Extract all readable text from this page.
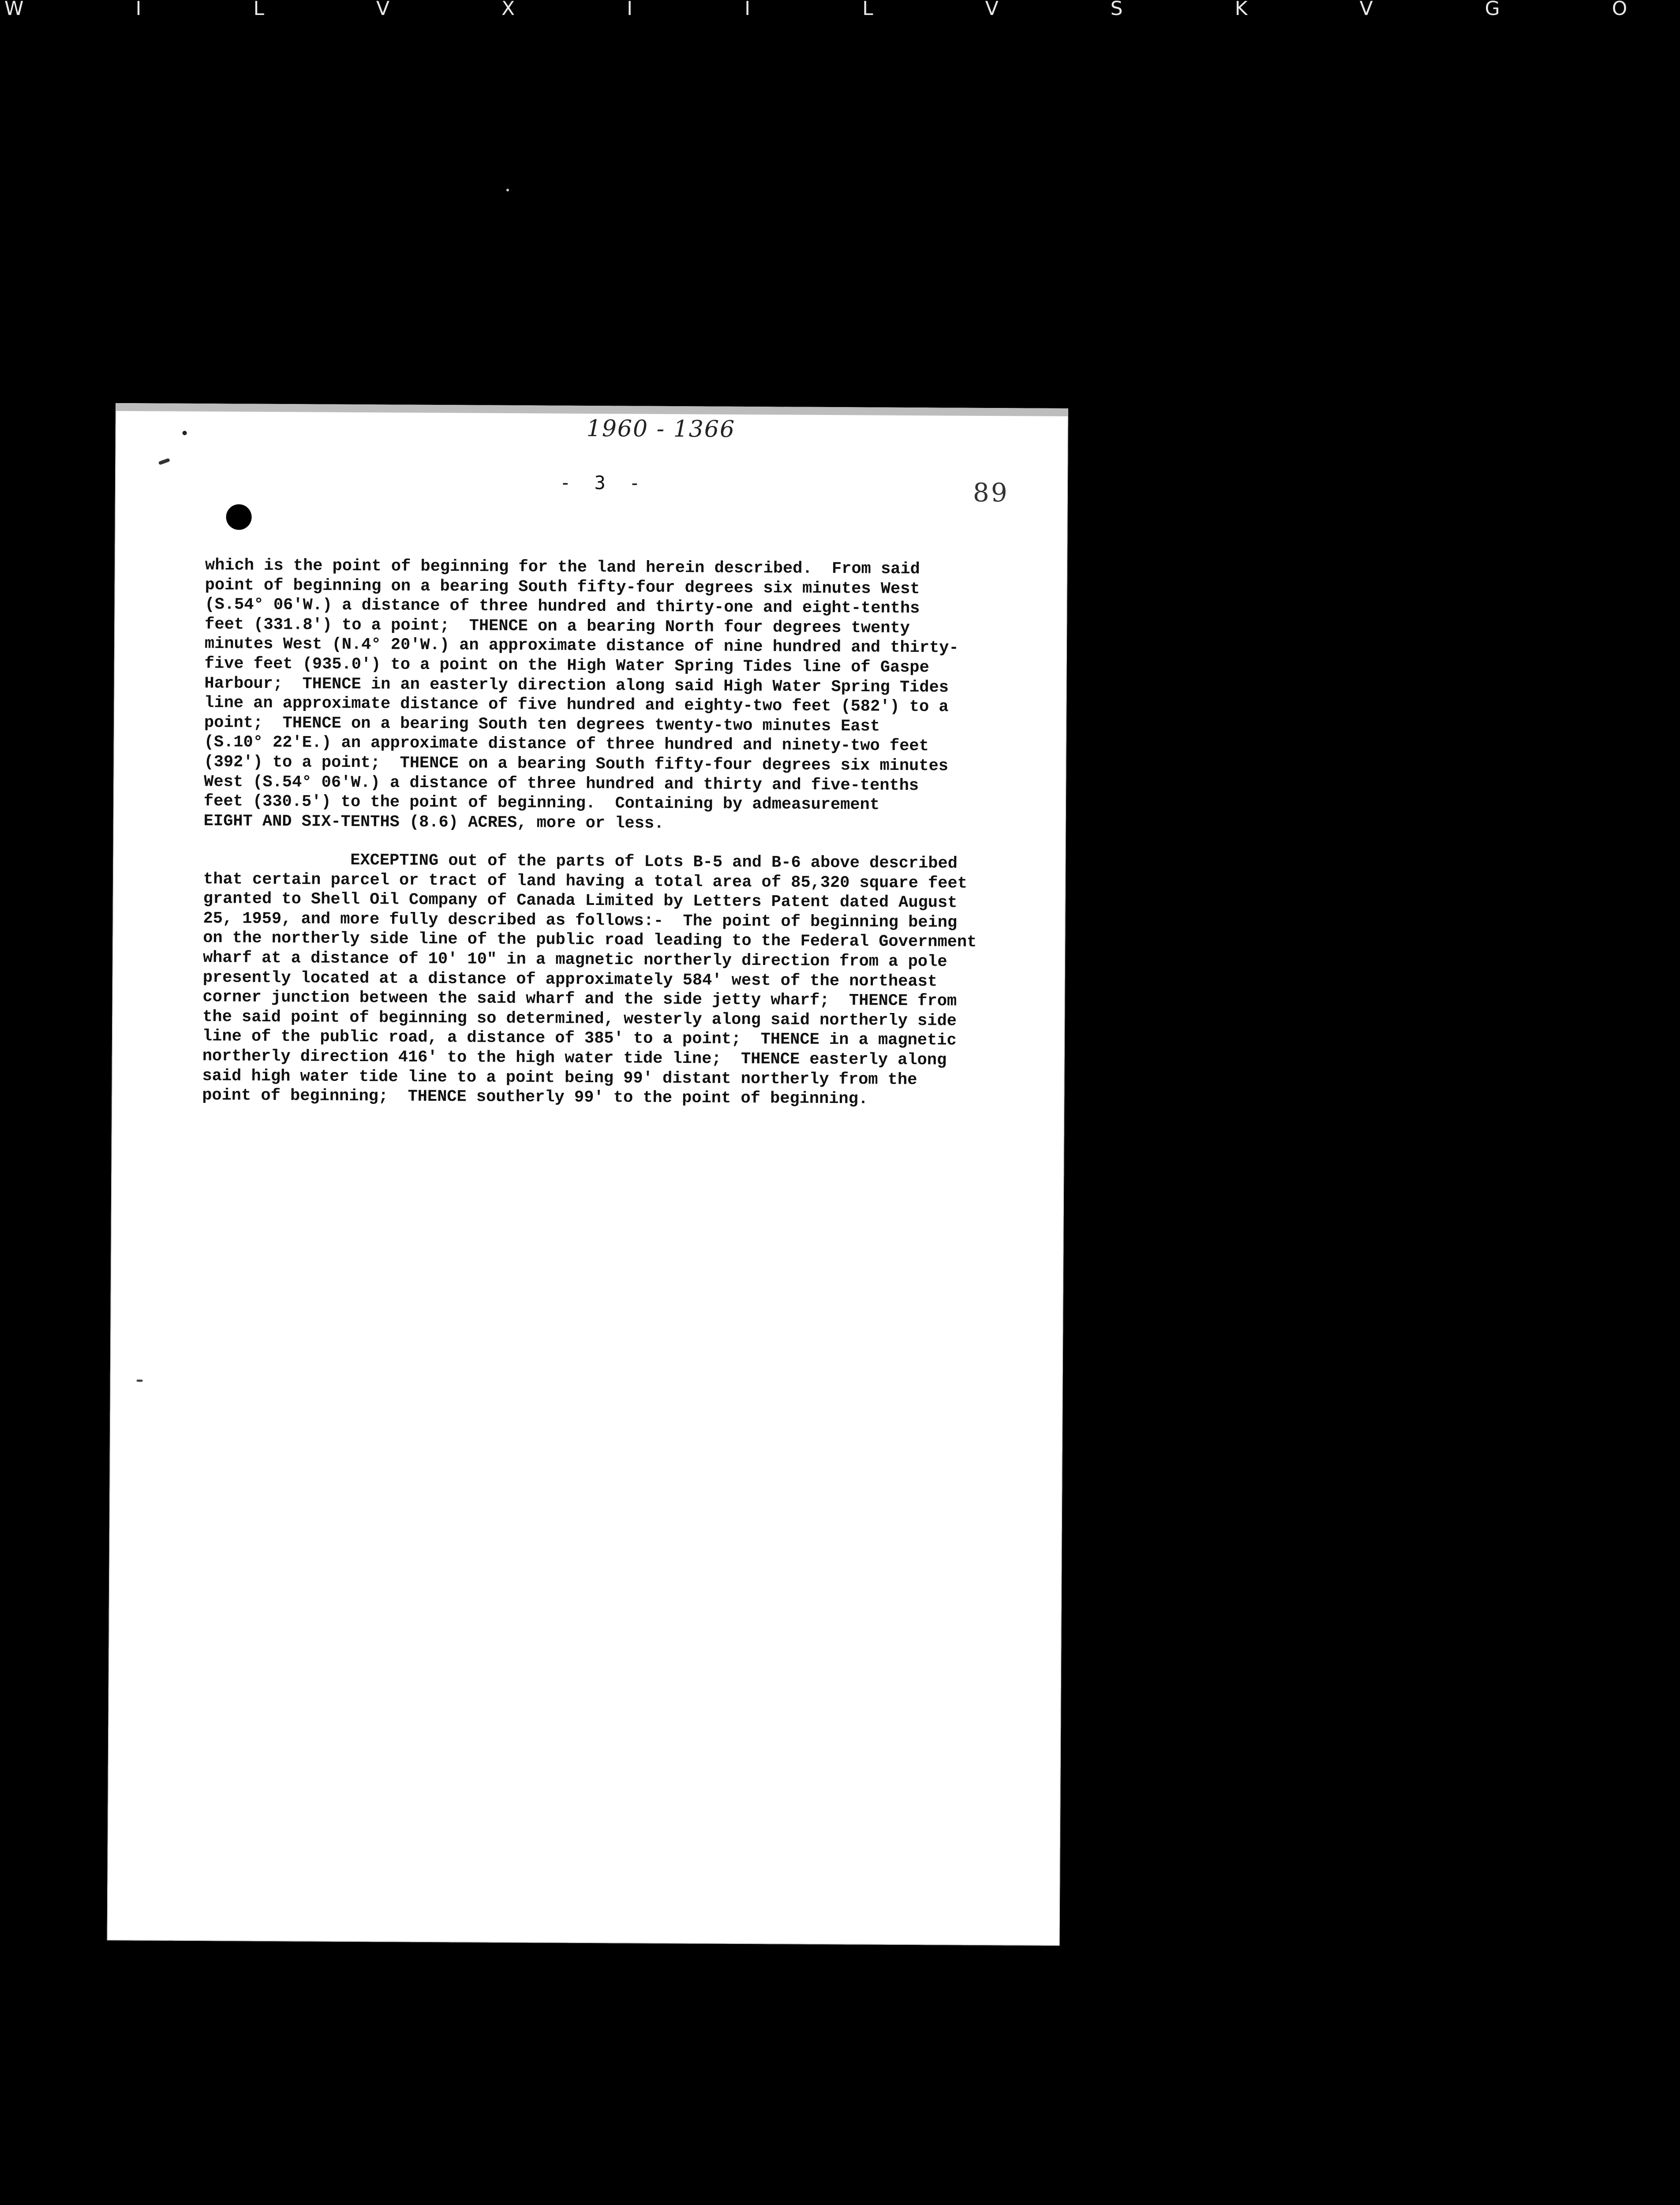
W I L V X I I L V S K V G O
1960 - 1366
- 3 -	89
which is the point of beginning for the land herein described.  From said
point of beginning on a bearing South fifty-four degrees six minutes West
(S.54° 06'W.) a distance of three hundred and thirty-one and eight-tenths
feet (331.8') to a point;  THENCE on a bearing North four degrees twenty
minutes West (N.4° 20'W.) an approximate distance of nine hundred and thirty-
five feet (935.0') to a point on the High Water Spring Tides line of Gaspe
Harbour;  THENCE in an easterly direction along said High Water Spring Tides
line an approximate distance of five hundred and eighty-two feet (582') to a
point;  THENCE on a bearing South ten degrees twenty-two minutes East
(S.10° 22'E.) an approximate distance of three hundred and ninety-two feet
(392') to a point;  THENCE on a bearing South fifty-four degrees six minutes
West (S.54° 06'W.) a distance of three hundred and thirty and five-tenths
feet (330.5') to the point of beginning.  Containing by admeasurement
EIGHT AND SIX-TENTHS (8.6) ACRES, more or less.
EXCEPTING out of the parts of Lots B-5 and B-6 above described
that certain parcel or tract of land having a total area of 85,320 square feet
granted to Shell Oil Company of Canada Limited by Letters Patent dated August
25, 1959, and more fully described as follows:-  The point of beginning being
on the northerly side line of the public road leading to the Federal Government
wharf at a distance of 10' 10" in a magnetic northerly direction from a pole
presently located at a distance of approximately 584' west of the northeast
corner junction between the said wharf and the side jetty wharf;  THENCE from
the said point of beginning so determined, westerly along said northerly side
line of the public road, a distance of 385' to a point;  THENCE in a magnetic
northerly direction 416' to the high water tide line;  THENCE easterly along
said high water tide line to a point being 99' distant northerly from the
point of beginning;  THENCE southerly 99' to the point of beginning.
